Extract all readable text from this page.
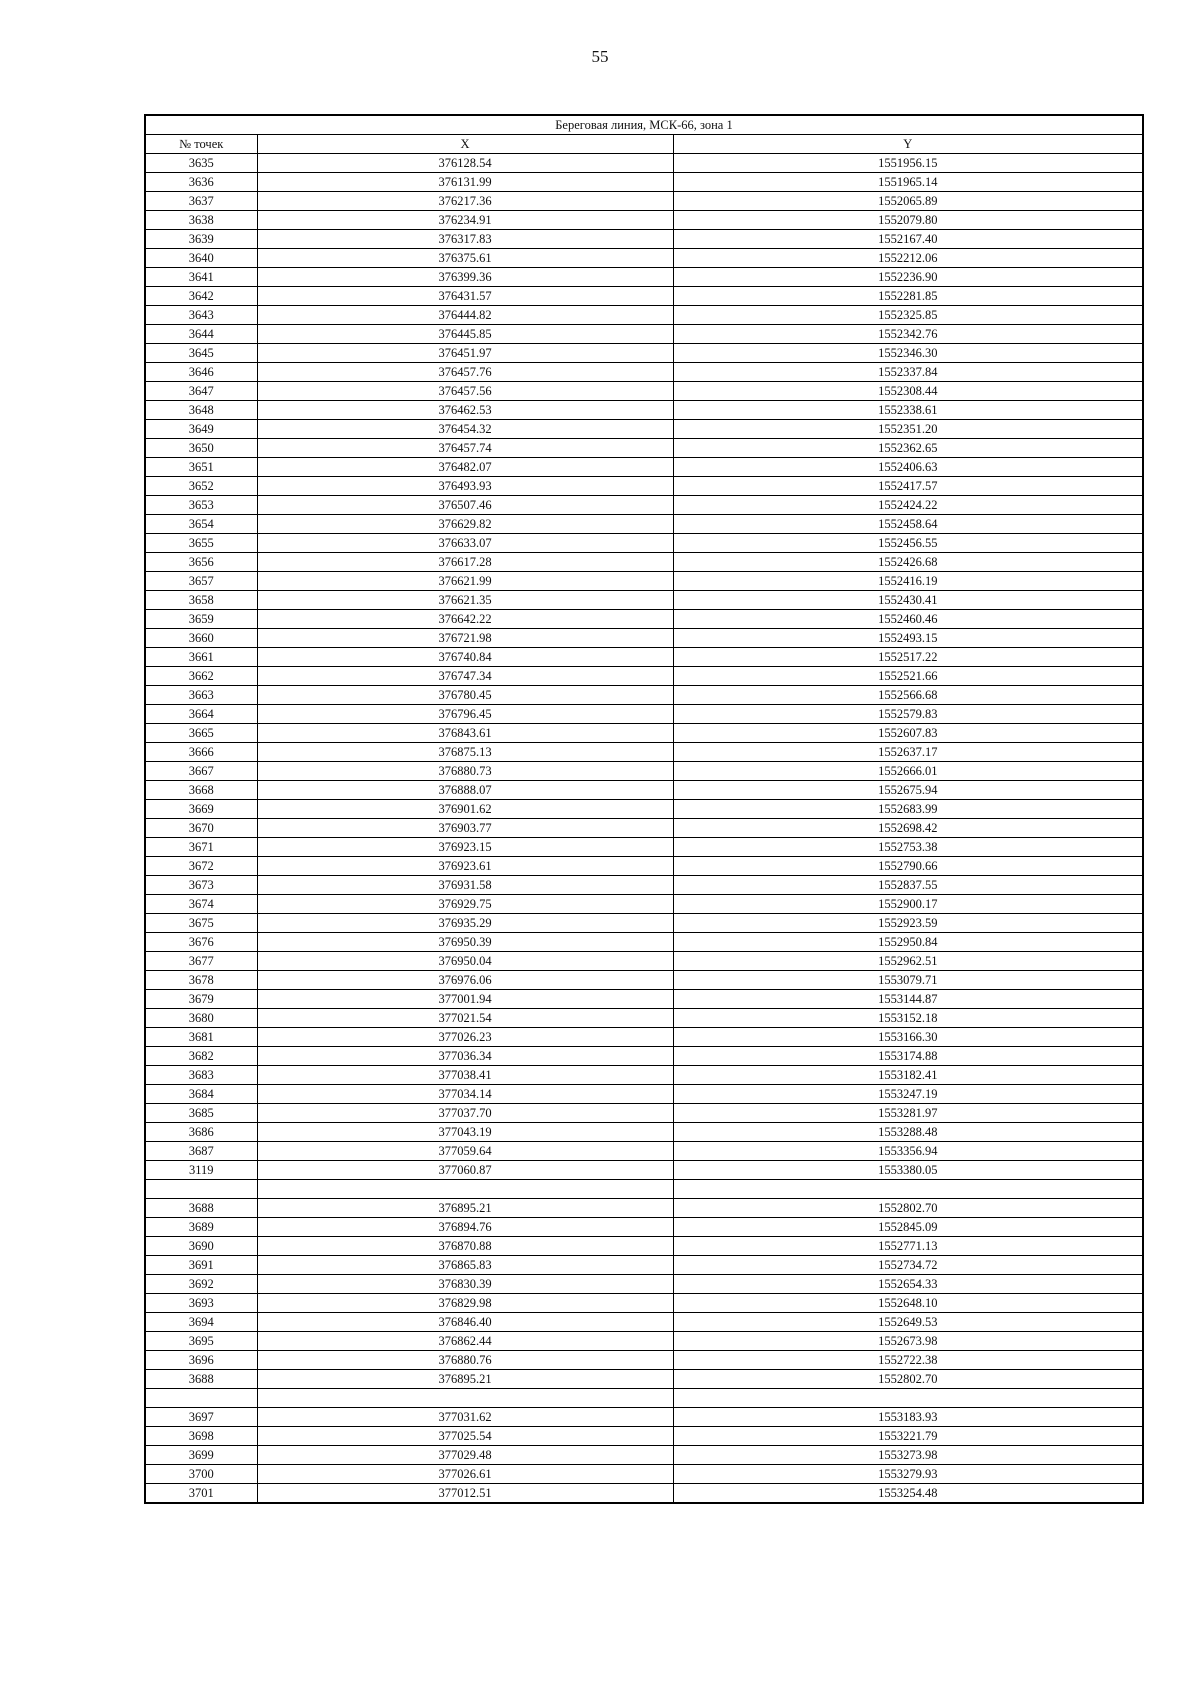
55
Береговая линия, МСК-66, зона 1		
№ точек	X	Y
3635	376128.54	1551956.15
3636	376131.99	1551965.14
3637	376217.36	1552065.89
3638	376234.91	1552079.80
3639	376317.83	1552167.40
3640	376375.61	1552212.06
3641	376399.36	1552236.90
3642	376431.57	1552281.85
3643	376444.82	1552325.85
3644	376445.85	1552342.76
3645	376451.97	1552346.30
3646	376457.76	1552337.84
3647	376457.56	1552308.44
3648	376462.53	1552338.61
3649	376454.32	1552351.20
3650	376457.74	1552362.65
3651	376482.07	1552406.63
3652	376493.93	1552417.57
3653	376507.46	1552424.22
3654	376629.82	1552458.64
3655	376633.07	1552456.55
3656	376617.28	1552426.68
3657	376621.99	1552416.19
3658	376621.35	1552430.41
3659	376642.22	1552460.46
3660	376721.98	1552493.15
3661	376740.84	1552517.22
3662	376747.34	1552521.66
3663	376780.45	1552566.68
3664	376796.45	1552579.83
3665	376843.61	1552607.83
3666	376875.13	1552637.17
3667	376880.73	1552666.01
3668	376888.07	1552675.94
3669	376901.62	1552683.99
3670	376903.77	1552698.42
3671	376923.15	1552753.38
3672	376923.61	1552790.66
3673	376931.58	1552837.55
3674	376929.75	1552900.17
3675	376935.29	1552923.59
3676	376950.39	1552950.84
3677	376950.04	1552962.51
3678	376976.06	1553079.71
3679	377001.94	1553144.87
3680	377021.54	1553152.18
3681	377026.23	1553166.30
3682	377036.34	1553174.88
3683	377038.41	1553182.41
3684	377034.14	1553247.19
3685	377037.70	1553281.97
3686	377043.19	1553288.48
3687	377059.64	1553356.94
3119	377060.87	1553380.05

3688	376895.21	1552802.70
3689	376894.76	1552845.09
3690	376870.88	1552771.13
3691	376865.83	1552734.72
3692	376830.39	1552654.33
3693	376829.98	1552648.10
3694	376846.40	1552649.53
3695	376862.44	1552673.98
3696	376880.76	1552722.38
3688	376895.21	1552802.70

3697	377031.62	1553183.93
3698	377025.54	1553221.79
3699	377029.48	1553273.98
3700	377026.61	1553279.93
3701	377012.51	1553254.48
